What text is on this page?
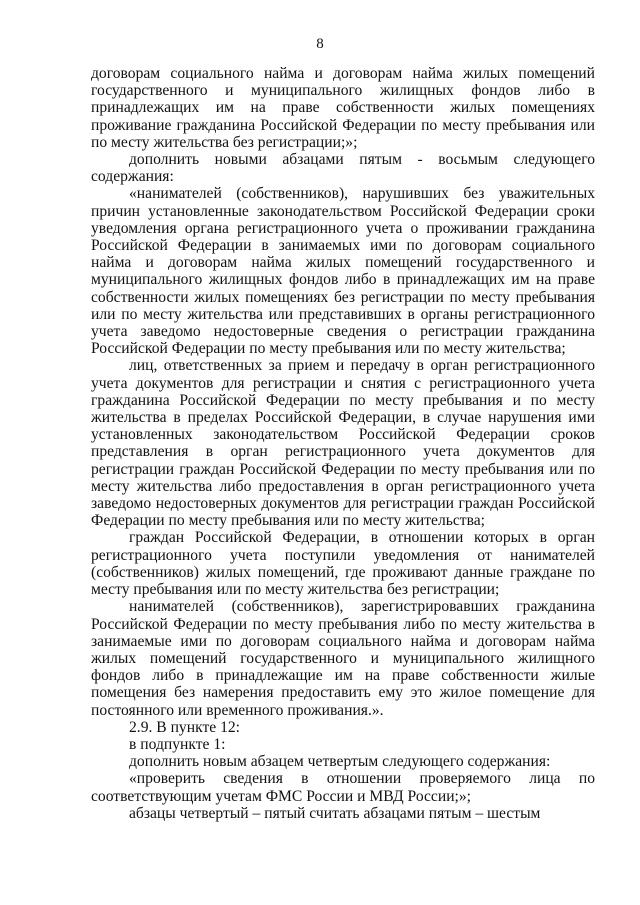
8

договорам социального найма и договорам найма жилых помещений государственного и муниципального жилищных фондов либо в принадлежащих им на праве собственности жилых помещениях проживание гражданина Российской Федерации по месту пребывания или по месту жительства без регистрации;»;

дополнить новыми абзацами пятым - восьмым следующего содержания:

«нанимателей (собственников), нарушивших без уважительных причин установленные законодательством Российской Федерации сроки уведомления органа регистрационного учета о проживании гражданина Российской Федерации в занимаемых ими по договорам социального найма и договорам найма жилых помещений государственного и муниципального жилищных фондов либо в принадлежащих им на праве собственности жилых помещениях без регистрации по месту пребывания или по месту жительства или представивших в органы регистрационного учета заведомо недостоверные сведения о регистрации гражданина Российской Федерации по месту пребывания или по месту жительства;

лиц, ответственных за прием и передачу в орган регистрационного учета документов для регистрации и снятия с регистрационного учета гражданина Российской Федерации по месту пребывания и по месту жительства в пределах Российской Федерации, в случае нарушения ими установленных законодательством Российской Федерации сроков представления в орган регистрационного учета документов для регистрации граждан Российской Федерации по месту пребывания или по месту жительства либо предоставления в орган регистрационного учета заведомо недостоверных документов для регистрации граждан Российской Федерации по месту пребывания или по месту жительства;

граждан Российской Федерации, в отношении которых в орган регистрационного учета поступили уведомления от нанимателей (собственников) жилых помещений, где проживают данные граждане по месту пребывания или по месту жительства без регистрации;

нанимателей (собственников), зарегистрировавших гражданина Российской Федерации по месту пребывания либо по месту жительства в занимаемые ими по договорам социального найма и договорам найма жилых помещений государственного и муниципального жилищного фондов либо в принадлежащие им на праве собственности жилые помещения без намерения предоставить ему это жилое помещение для постоянного или временного проживания.».

2.9. В пункте 12:

в подпункте 1:

дополнить новым абзацем четвертым следующего содержания:

«проверить сведения в отношении проверяемого лица по соответствующим учетам ФМС России и МВД России;»;

абзацы четвертый – пятый считать абзацами пятым – шестым
